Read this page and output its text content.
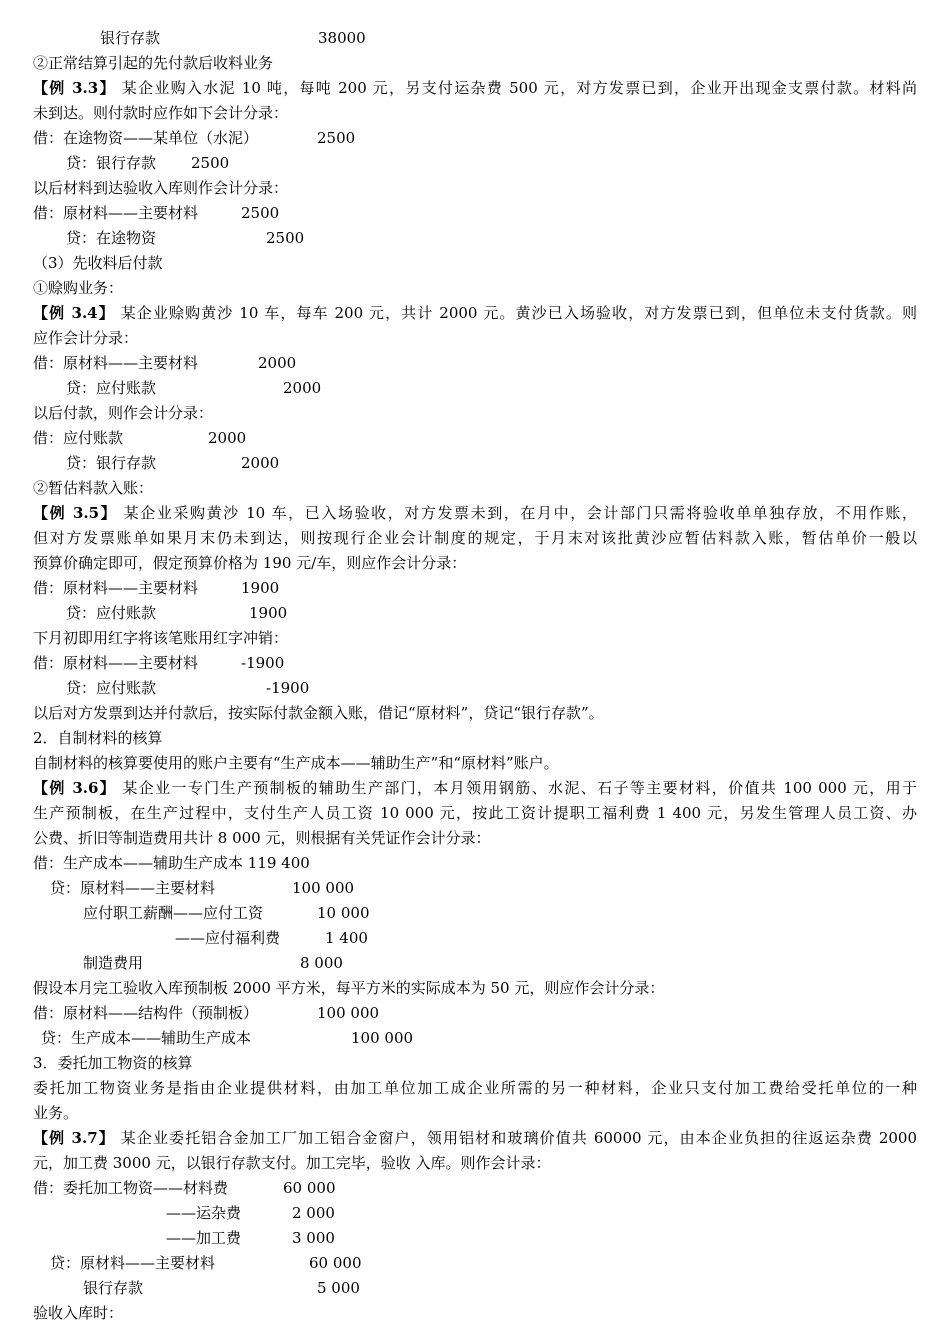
银行存款	38000
②正常结算引起的先付款后收料业务
【例 3.3】 某企业购入水泥 10 吨，每吨 200 元，另支付运杂费 500 元，对方发票已到，企业开出现金支票付款。材料尚
未到达。则付款时应作如下会计分录：
借：在途物资——某单位（水泥）	2500
贷：银行存款 2500
以后材料到达验收入库则作会计分录：
借：原材料——主要材料	2500
贷：在途物资	2500
（3）先收料后付款
①赊购业务：
【例 3.4】 某企业赊购黄沙 10 车，每车 200 元，共计 2000 元。黄沙已入场验收，对方发票已到，但单位未支付货款。则
应作会计分录：
借：原材料——主要材料	2000
贷：应付账款	2000
以后付款，则作会计分录：
借：应付账款	2000
贷：银行存款	2000
②暂估料款入账：
【例 3.5】 某企业采购黄沙 10 车，已入场验收，对方发票未到，在月中，会计部门只需将验收单单独存放，不用作账，
但对方发票账单如果月末仍未到达，则按现行企业会计制度的规定，于月末对该批黄沙应暂估料款入账，暂估单价一般以
预算价确定即可，假定预算价格为 190 元/车，则应作会计分录：
借：原材料——主要材料	1900
贷：应付账款	1900
下月初即用红字将该笔账用红字冲销：
借：原材料——主要材料	-1900
贷：应付账款	-1900
以后对方发票到达并付款后，按实际付款金额入账，借记“原材料”，贷记“银行存款”。
2．自制材料的核算
自制材料的核算要使用的账户主要有“生产成本——辅助生产”和“原材料”账户。
【例 3.6】 某企业一专门生产预制板的辅助生产部门，本月领用钢筋、水泥、石子等主要材料，价值共 100 000 元，用于
生产预制板，在生产过程中，支付生产人员工资 10 000 元，按此工资计提职工福利费 1 400 元，另发生管理人员工资、办
公费、折旧等制造费用共计 8 000 元，则根据有关凭证作会计分录：
借：生产成本——辅助生产成本 119 400
贷：原材料——主要材料	100 000
应付职工薪酬——应付工资	10 000
——应付福利费	1 400
制造费用	8 000
假设本月完工验收入库预制板 2000 平方米，每平方米的实际成本为 50 元，则应作会计分录：
借：原材料——结构件（预制板）	100 000
贷：生产成本——辅助生产成本	100 000
3．委托加工物资的核算
委托加工物资业务是指由企业提供材料，由加工单位加工成企业所需的另一种材料，企业只支付加工费给受托单位的一种
业务。
【例 3.7】 某企业委托铝合金加工厂加工铝合金窗户，领用铝材和玻璃价值共 60000 元，由本企业负担的往返运杂费 2000
元，加工费 3000 元，以银行存款支付。加工完毕，验收 入库。则作会计录：
借：委托加工物资——材料费	60 000
——运杂费	2 000
——加工费	3 000
贷：原材料——主要材料	60 000
银行存款	5 000
验收入库时：
